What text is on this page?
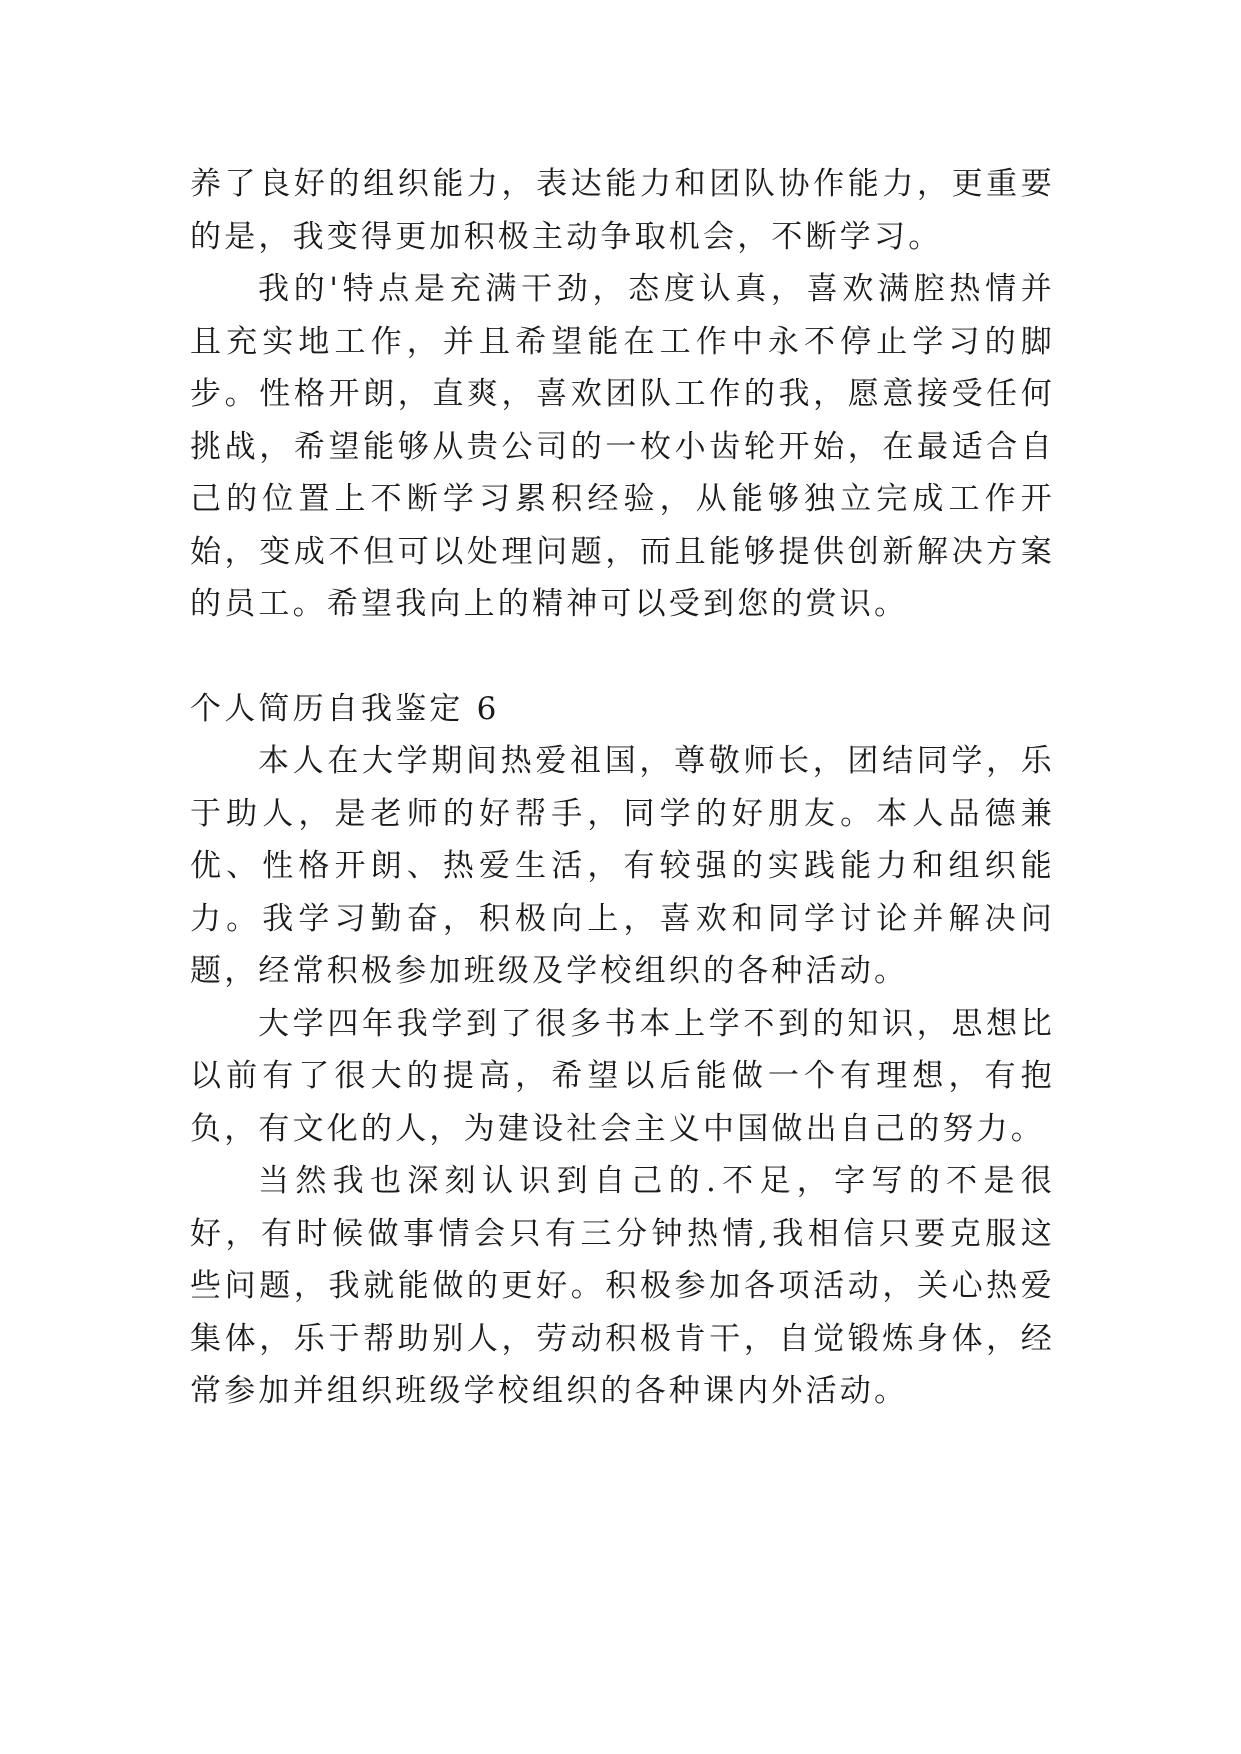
养了良好的组织能力，表达能力和团队协作能力，更重要的是，我变得更加积极主动争取机会，不断学习。

我的'特点是充满干劲，态度认真，喜欢满腔热情并且充实地工作，并且希望能在工作中永不停止学习的脚步。性格开朗，直爽，喜欢团队工作的我，愿意接受任何挑战，希望能够从贵公司的一枚小齿轮开始，在最适合自己的位置上不断学习累积经验，从能够独立完成工作开始，变成不但可以处理问题，而且能够提供创新解决方案的员工。希望我向上的精神可以受到您的赏识。

个人简历自我鉴定 6

本人在大学期间热爱祖国，尊敬师长，团结同学，乐于助人，是老师的好帮手，同学的好朋友。本人品德兼优、性格开朗、热爱生活，有较强的实践能力和组织能力。我学习勤奋，积极向上，喜欢和同学讨论并解决问题，经常积极参加班级及学校组织的各种活动。

大学四年我学到了很多书本上学不到的知识，思想比以前有了很大的提高，希望以后能做一个有理想，有抱负，有文化的人，为建设社会主义中国做出自己的努力。

当然我也深刻认识到自己的.不足，字写的不是很好，有时候做事情会只有三分钟热情,我相信只要克服这些问题，我就能做的更好。积极参加各项活动，关心热爱集体，乐于帮助别人，劳动积极肯干，自觉锻炼身体，经常参加并组织班级学校组织的各种课内外活动。
